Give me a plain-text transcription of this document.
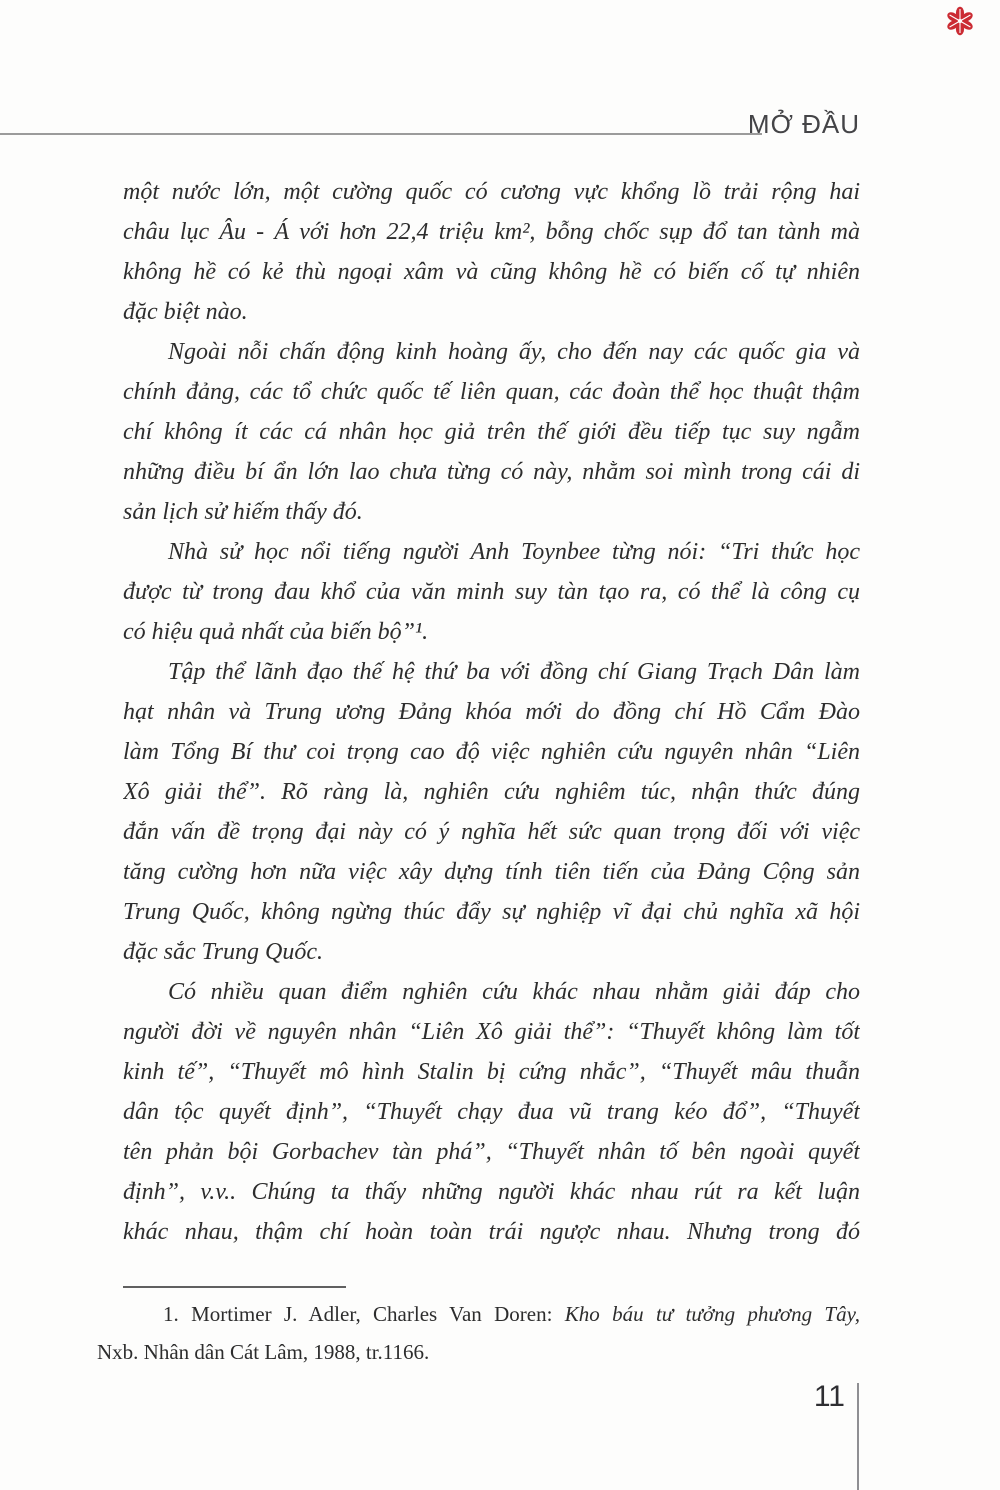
MỞ ĐẦU
một nước lớn, một cường quốc có cương vực khổng lồ trải rộng hai
châu lục Âu - Á với hơn 22,4 triệu km², bỗng chốc sụp đổ tan tành mà
không hề có kẻ thù ngoại xâm và cũng không hề có biến cố tự nhiên
đặc biệt nào.
Ngoài nỗi chấn động kinh hoàng ấy, cho đến nay các quốc gia và
chính đảng, các tổ chức quốc tế liên quan, các đoàn thể học thuật thậm
chí không ít các cá nhân học giả trên thế giới đều tiếp tục suy ngẫm
những điều bí ẩn lớn lao chưa từng có này, nhằm soi mình trong cái di
sản lịch sử hiếm thấy đó.
Nhà sử học nổi tiếng người Anh Toynbee từng nói: “Tri thức học
được từ trong đau khổ của văn minh suy tàn tạo ra, có thể là công cụ
có hiệu quả nhất của biến bộ”¹.
Tập thể lãnh đạo thế hệ thứ ba với đồng chí Giang Trạch Dân làm
hạt nhân và Trung ương Đảng khóa mới do đồng chí Hồ Cẩm Đào
làm Tổng Bí thư coi trọng cao độ việc nghiên cứu nguyên nhân “Liên
Xô giải thể”. Rõ ràng là, nghiên cứu nghiêm túc, nhận thức đúng
đắn vấn đề trọng đại này có ý nghĩa hết sức quan trọng đối với việc
tăng cường hơn nữa việc xây dựng tính tiên tiến của Đảng Cộng sản
Trung Quốc, không ngừng thúc đẩy sự nghiệp vĩ đại chủ nghĩa xã hội
đặc sắc Trung Quốc.
Có nhiều quan điểm nghiên cứu khác nhau nhằm giải đáp cho
người đời về nguyên nhân “Liên Xô giải thể”: “Thuyết không làm tốt
kinh tế”, “Thuyết mô hình Stalin bị cứng nhắc”, “Thuyết mâu thuẫn
dân tộc quyết định”, “Thuyết chạy đua vũ trang kéo đổ”, “Thuyết
tên phản bội Gorbachev tàn phá”, “Thuyết nhân tố bên ngoài quyết
định”, v.v.. Chúng ta thấy những người khác nhau rút ra kết luận
khác nhau, thậm chí hoàn toàn trái ngược nhau. Nhưng trong đó
1. Mortimer J. Adler, Charles Van Doren: Kho báu tư tưởng phương Tây,
Nxb. Nhân dân Cát Lâm, 1988, tr.1166.
11
